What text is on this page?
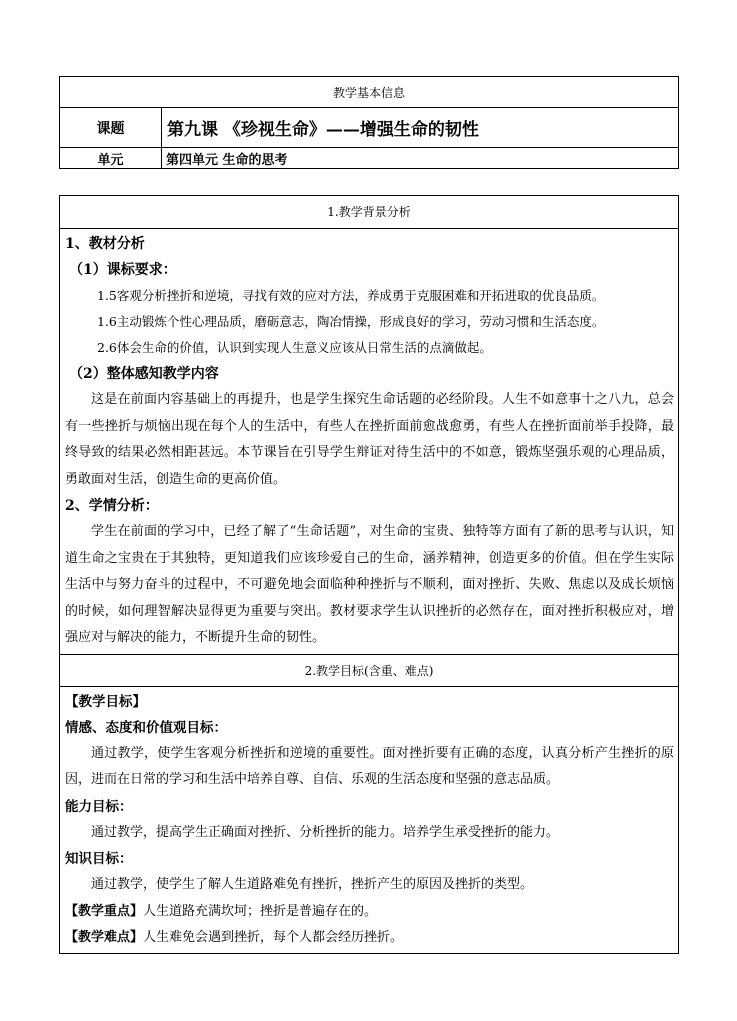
教学基本信息	
课题	第九课 《珍视生命》——增强生命的韧性
单元	第四单元 生命的思考
1.教学背景分析
1、教材分析
（1）课标要求：
1.5客观分析挫折和逆境，寻找有效的应对方法，养成勇于克服困难和开拓进取的优良品质。
1.6主动锻炼个性心理品质，磨砺意志，陶冶情操，形成良好的学习，劳动习惯和生活态度。
2.6体会生命的价值，认识到实现人生意义应该从日常生活的点滴做起。
（2）整体感知教学内容
这是在前面内容基础上的再提升，也是学生探究生命话题的必经阶段。人生不如意事十之八九，总会有一些挫折与烦恼出现在每个人的生活中，有些人在挫折面前愈战愈勇，有些人在挫折面前举手投降，最终导致的结果必然相距甚远。本节课旨在引导学生辩证对待生活中的不如意，锻炼坚强乐观的心理品质，勇敢面对生活，创造生命的更高价值。
2、学情分析：
学生在前面的学习中，已经了解了“生命话题”，对生命的宝贵、独特等方面有了新的思考与认识，知道生命之宝贵在于其独特，更知道我们应该珍爱自己的生命，涵养精神，创造更多的价值。但在学生实际生活中与努力奋斗的过程中，不可避免地会面临种种挫折与不顺利，面对挫折、失败、焦虑以及成长烦恼的时候，如何理智解决显得更为重要与突出。教材要求学生认识挫折的必然存在，面对挫折积极应对，增强应对与解决的能力，不断提升生命的韧性。
2.教学目标(含重、难点)
【教学目标】
情感、态度和价值观目标：
通过教学，使学生客观分析挫折和逆境的重要性。面对挫折要有正确的态度，认真分析产生挫折的原因，进而在日常的学习和生活中培养自尊、自信、乐观的生活态度和坚强的意志品质。
能力目标：
通过教学，提高学生正确面对挫折、分析挫折的能力。培养学生承受挫折的能力。
知识目标：
通过教学，使学生了解人生道路难免有挫折，挫折产生的原因及挫折的类型。
【教学重点】人生道路充满坎坷；挫折是普遍存在的。
【教学难点】人生难免会遇到挫折，每个人都会经历挫折。
